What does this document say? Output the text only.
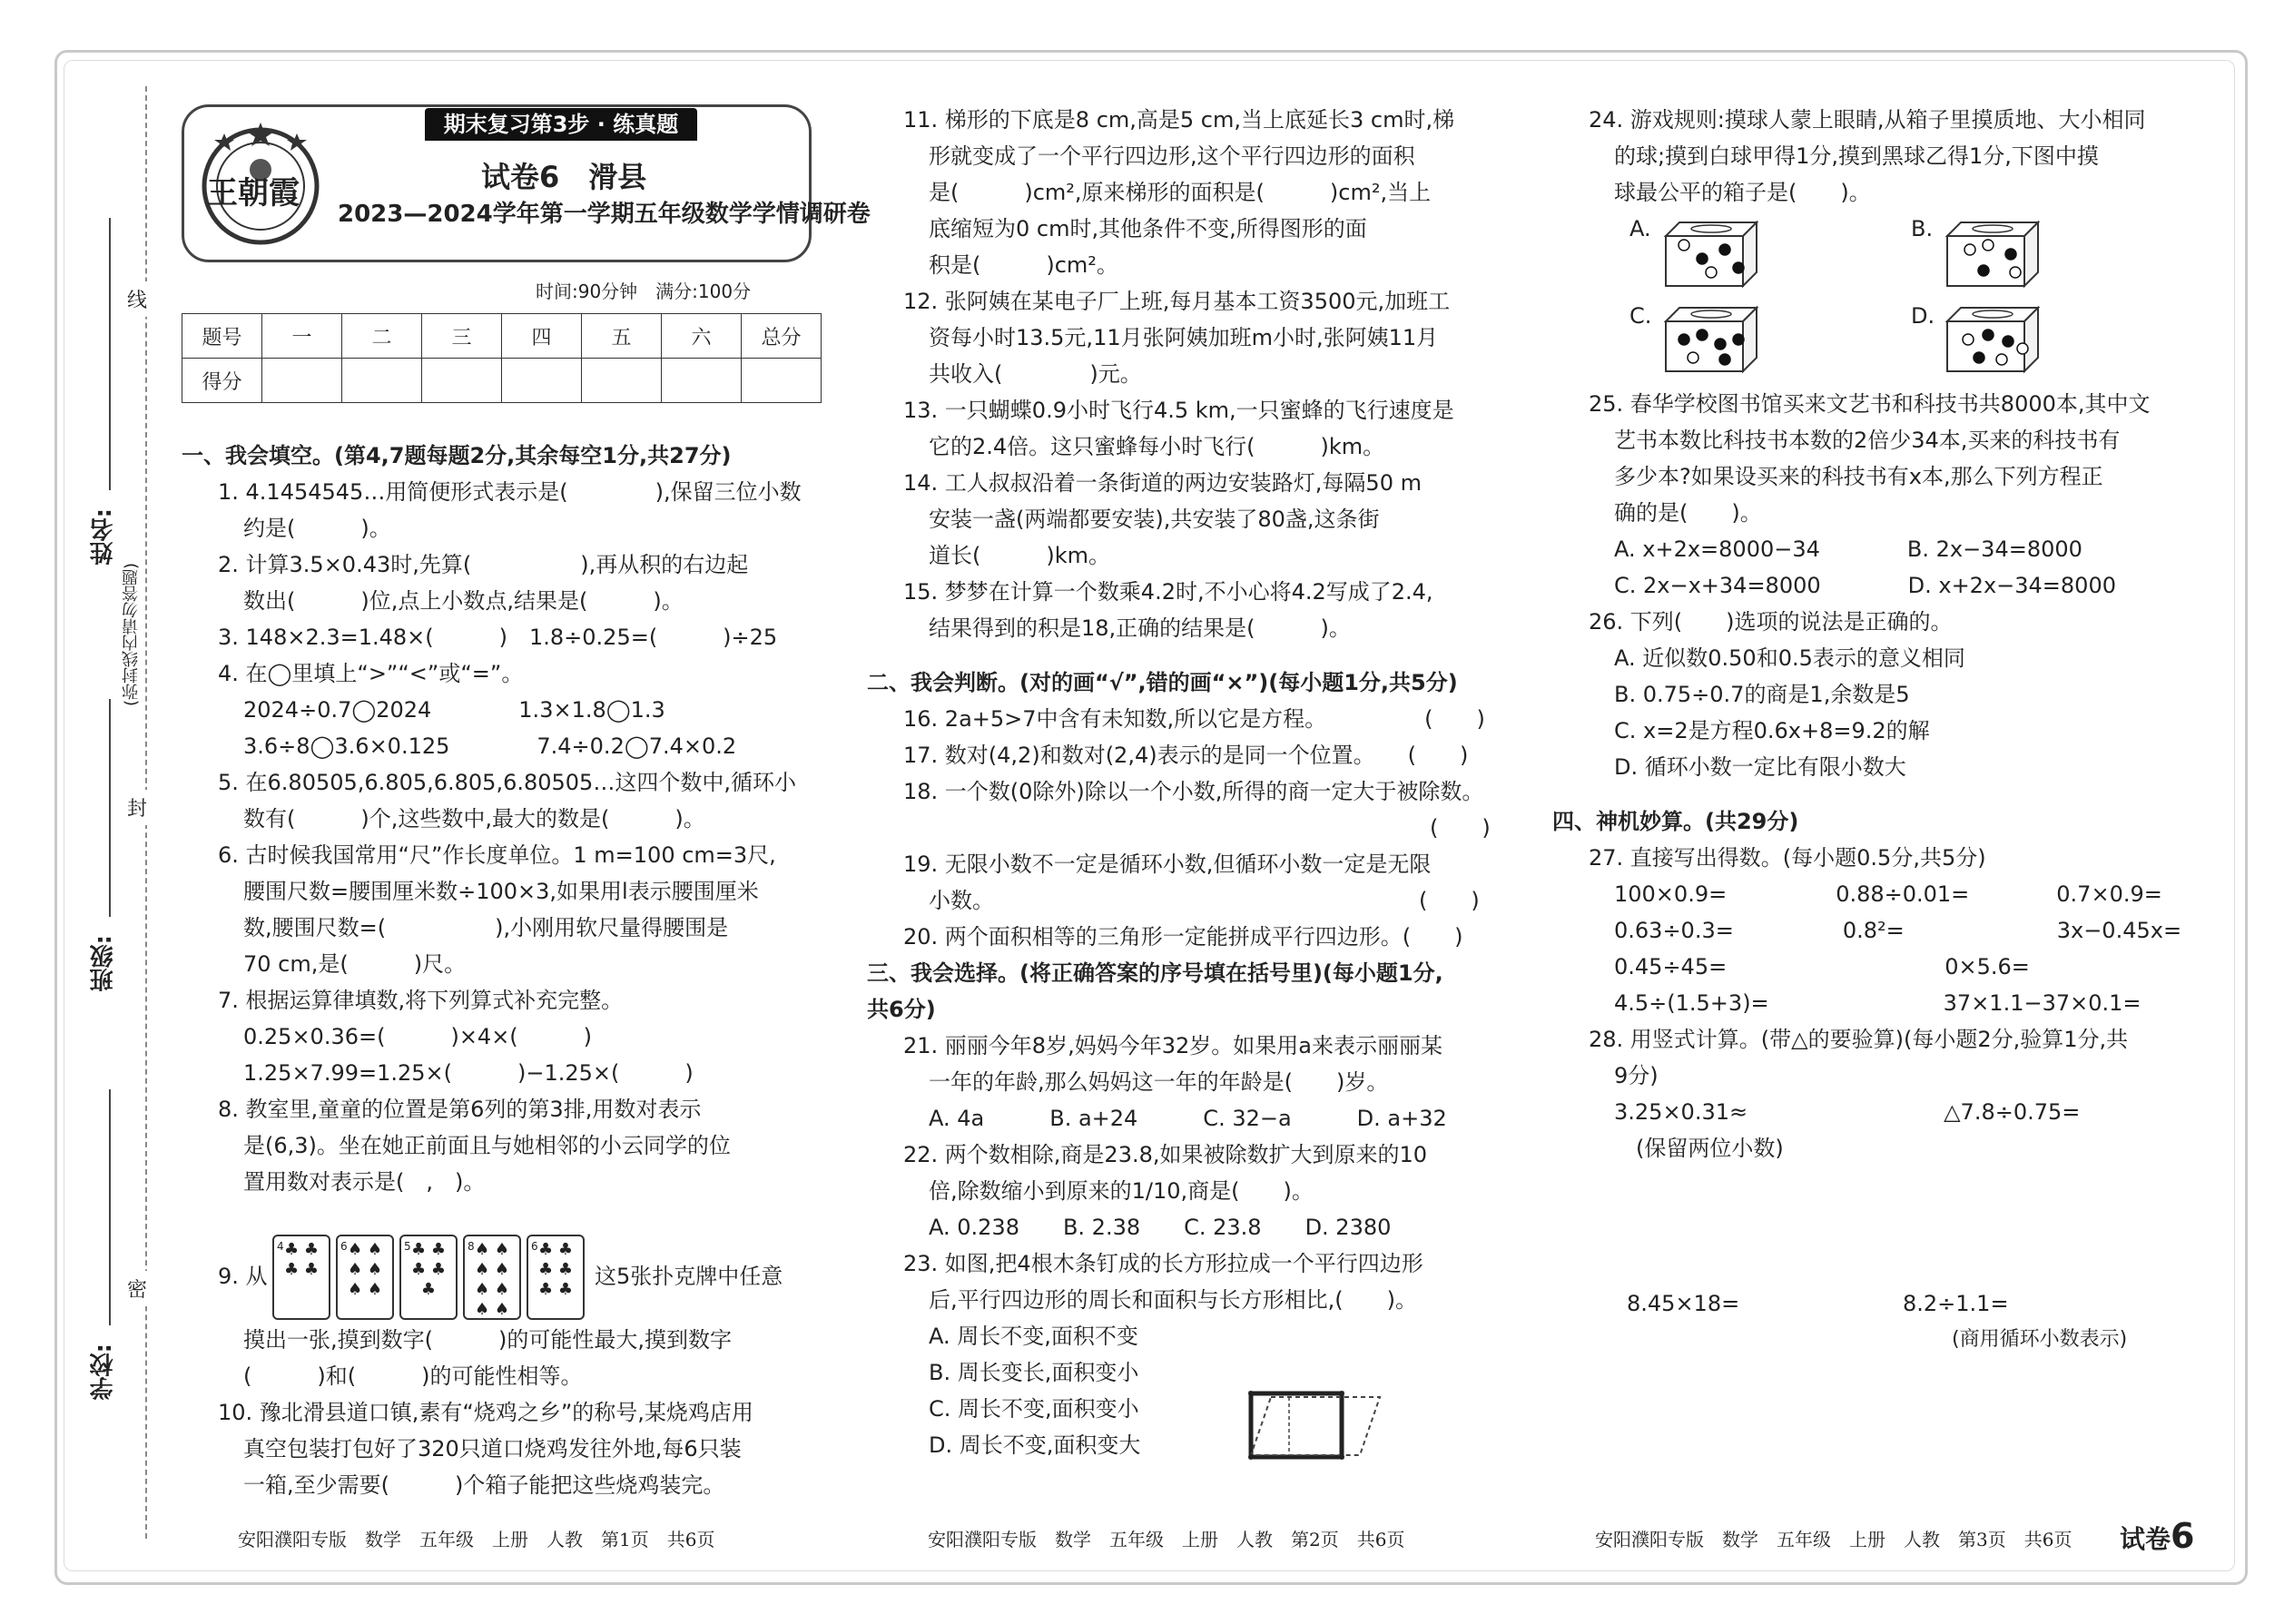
线
封
密
姓名:
班级:
学校:
(弥封线内请勿答题)
期末复习第3步 · 练真题
王朝霞	试卷6　滑县
2023—2024学年第一学期五年级数学学情调研卷
时间:90分钟　满分:100分
题号	一	二	三	四	五	六	总分
得分							
一、我会填空。(第4,7题每题2分,其余每空1分,共27分)
1. 4.1454545…用简便形式表示是(　　　　),保留三位小数
约是(　　　)。
2. 计算3.5×0.43时,先算(　　　　　),再从积的右边起
数出(　　　)位,点上小数点,结果是(　　　)。
3. 148×2.3=1.48×(　　　)　1.8÷0.25=(　　　)÷25
4. 在◯里填上“>”“<”或“=”。
2024÷0.7◯2024　　　　1.3×1.8◯1.3
3.6÷8◯3.6×0.125　　　　7.4÷0.2◯7.4×0.2
5. 在6.80505,6.805,6.805,6.80505…这四个数中,循环小
数有(　　　)个,这些数中,最大的数是(　　　)。
6. 古时候我国常用“尺”作长度单位。1 m=100 cm=3尺,
腰围尺数=腰围厘米数÷100×3,如果用l表示腰围厘米
数,腰围尺数=(　　　　　),小刚用软尺量得腰围是
70 cm,是(　　　)尺。
7. 根据运算律填数,将下列算式补充完整。
0.25×0.36=(　　　)×4×(　　　)
1.25×7.99=1.25×(　　　)−1.25×(　　　)
8. 教室里,童童的位置是第6列的第3排,用数对表示
是(6,3)。坐在她正前面且与她相邻的小云同学的位
置用数对表示是(　,　)。
9. 从
♣ ♣
♣ ♣

4	♠ ♠
♠ ♠
♠ ♠

6	♣ ♣
♣ ♣
♣
5	♠ ♠
♠ ♠
♠ ♠
♠ ♠

8	♣ ♣
♣ ♣
♣ ♣

6
这5张扑克牌中任意
摸出一张,摸到数字(　　　)的可能性最大,摸到数字
(　　　)和(　　　)的可能性相等。
10. 豫北滑县道口镇,素有“烧鸡之乡”的称号,某烧鸡店用
真空包装打包好了320只道口烧鸡发往外地,每6只装
一箱,至少需要(　　　)个箱子能把这些烧鸡装完。
11. 梯形的下底是8 cm,高是5 cm,当上底延长3 cm时,梯
形就变成了一个平行四边形,这个平行四边形的面积
是(　　　)cm²,原来梯形的面积是(　　　)cm²,当上
底缩短为0 cm时,其他条件不变,所得图形的面
积是(　　　)cm²。
12. 张阿姨在某电子厂上班,每月基本工资3500元,加班工
资每小时13.5元,11月张阿姨加班m小时,张阿姨11月
共收入(　　　　)元。
13. 一只蝴蝶0.9小时飞行4.5 km,一只蜜蜂的飞行速度是
它的2.4倍。这只蜜蜂每小时飞行(　　　)km。
14. 工人叔叔沿着一条街道的两边安装路灯,每隔50 m
安装一盏(两端都要安装),共安装了80盏,这条街
道长(　　　)km。
15. 梦梦在计算一个数乘4.2时,不小心将4.2写成了2.4,
结果得到的积是18,正确的结果是(　　　)。
二、我会判断。(对的画“√”,错的画“×”)(每小题1分,共5分)
16. 2a+5>7中含有未知数,所以它是方程。　　　　　(　　)
17. 数对(4,2)和数对(2,4)表示的是同一个位置。　　(　　)
18. 一个数(0除外)除以一个小数,所得的商一定大于被除数。
　　　　　　　　　　　　　　　　　　　　　　　(　　)
19. 无限小数不一定是循环小数,但循环小数一定是无限
小数。　　　　　　　　　　　　　　　　　　　　(　　)
20. 两个面积相等的三角形一定能拼成平行四边形。(　　)
三、我会选择。(将正确答案的序号填在括号里)(每小题1分,
共6分)
21. 丽丽今年8岁,妈妈今年32岁。如果用a来表示丽丽某
一年的年龄,那么妈妈这一年的年龄是(　　)岁。
A. 4a　　　B. a+24　　　C. 32−a　　　D. a+32
22. 两个数相除,商是23.8,如果被除数扩大到原来的10
倍,除数缩小到原来的1/10,商是(　　)。
A. 0.238　　B. 2.38　　C. 23.8　　D. 2380
23. 如图,把4根木条钉成的长方形拉成一个平行四边形
后,平行四边形的周长和面积与长方形相比,(　　)。
A. 周长不变,面积不变
B. 周长变长,面积变小
C. 周长不变,面积变小
D. 周长不变,面积变大
24. 游戏规则:摸球人蒙上眼睛,从箱子里摸质地、大小相同
的球;摸到白球甲得1分,摸到黑球乙得1分,下图中摸
球最公平的箱子是(　　)。
A.	B.
C.	D.
25. 春华学校图书馆买来文艺书和科技书共8000本,其中文
艺书本数比科技书本数的2倍少34本,买来的科技书有
多少本?如果设买来的科技书有x本,那么下列方程正
确的是(　　)。
A. x+2x=8000−34　　　　B. 2x−34=8000
C. 2x−x+34=8000　　　　D. x+2x−34=8000
26. 下列(　　)选项的说法是正确的。
A. 近似数0.50和0.5表示的意义相同
B. 0.75÷0.7的商是1,余数是5
C. x=2是方程0.6x+8=9.2的解
D. 循环小数一定比有限小数大
四、神机妙算。(共29分)
27. 直接写出得数。(每小题0.5分,共5分)
100×0.9=　　　　　0.88÷0.01=　　　　0.7×0.9=
0.63÷0.3=　　　　　0.8²=　　　　　　　3x−0.45x=
0.45÷45=　　　　　　　　　　0×5.6=
4.5÷(1.5+3)=　　　　　　　　37×1.1−37×0.1=
28. 用竖式计算。(带△的要验算)(每小题2分,验算1分,共
9分)
3.25×0.31≈　　　　　　　　　△7.8÷0.75=
　(保留两位小数)
8.45×18=	8.2÷1.1=
(商用循环小数表示)
安阳濮阳专版　数学　五年级　上册　人教　第1页　共6页	安阳濮阳专版　数学　五年级　上册　人教　第2页　共6页	安阳濮阳专版　数学　五年级　上册　人教　第3页　共6页 试卷6
